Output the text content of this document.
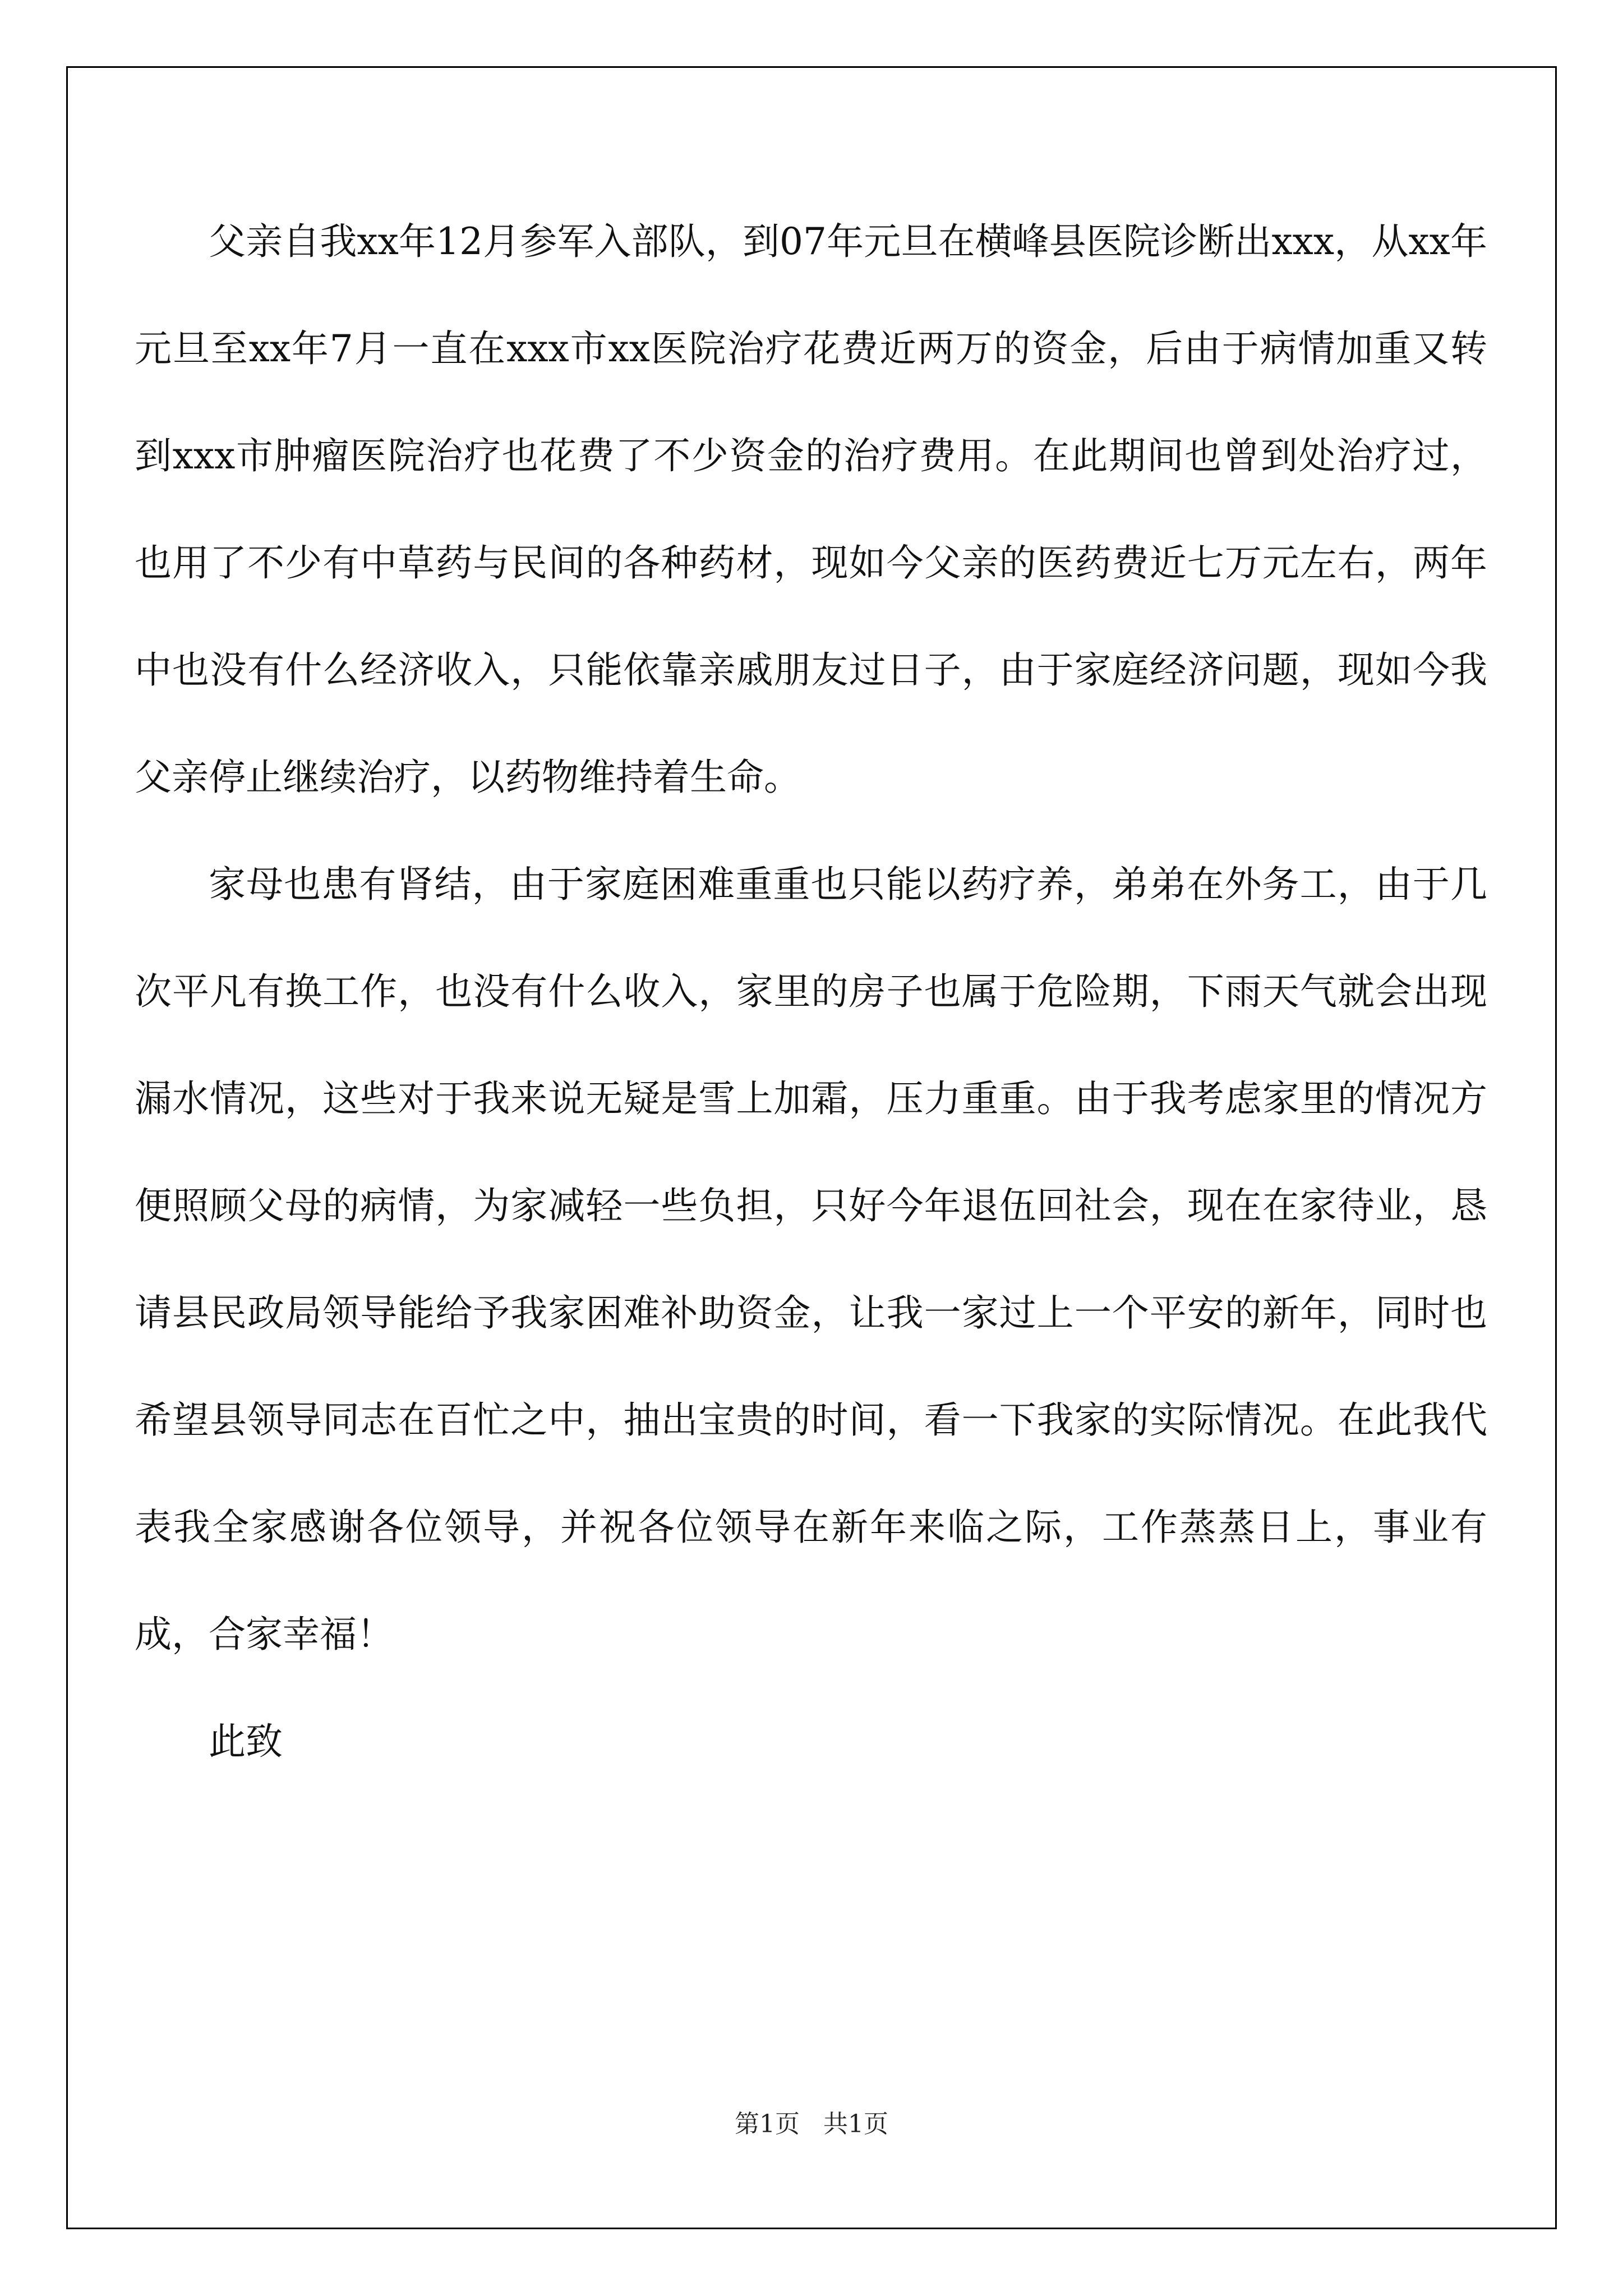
父亲自我xx年12月参军入部队，到07年元旦在横峰县医院诊断出xxx，从xx年元旦至xx年7月一直在xxx市xx医院治疗花费近两万的资金，后由于病情加重又转到xxx市肿瘤医院治疗也花费了不少资金的治疗费用。在此期间也曾到处治疗过，也用了不少有中草药与民间的各种药材，现如今父亲的医药费近七万元左右，两年中也没有什么经济收入，只能依靠亲戚朋友过日子，由于家庭经济问题，现如今我父亲停止继续治疗，以药物维持着生命。

家母也患有肾结，由于家庭困难重重也只能以药疗养，弟弟在外务工，由于几次平凡有换工作，也没有什么收入，家里的房子也属于危险期，下雨天气就会出现漏水情况，这些对于我来说无疑是雪上加霜，压力重重。由于我考虑家里的情况方便照顾父母的病情，为家减轻一些负担，只好今年退伍回社会，现在在家待业，恳请县民政局领导能给予我家困难补助资金，让我一家过上一个平安的新年，同时也希望县领导同志在百忙之中，抽出宝贵的时间，看一下我家的实际情况。在此我代表我全家感谢各位领导，并祝各位领导在新年来临之际，工作蒸蒸日上，事业有成，合家幸福！

此致

第1页   共1页
